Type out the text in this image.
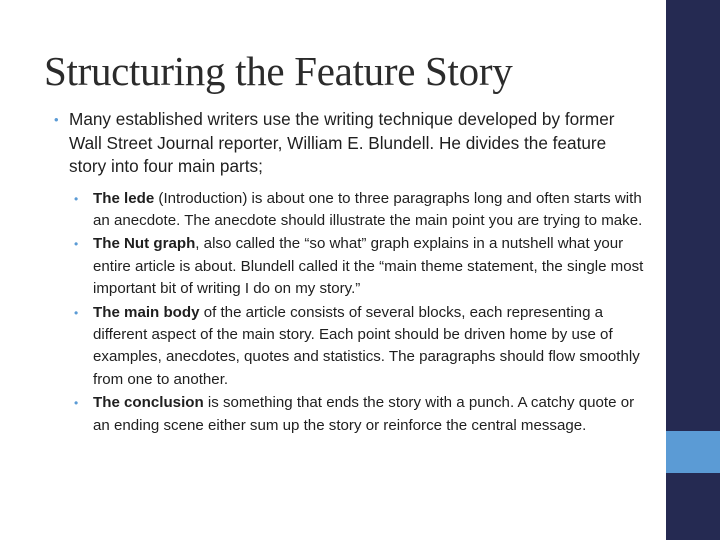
Structuring the Feature Story
• Many established writers use the writing technique developed by former Wall Street Journal reporter, William E. Blundell. He divides the feature story into four main parts;
• The lede (Introduction) is about one to three paragraphs long and often starts with an anecdote. The anecdote should illustrate the main point you are trying to make.
• The Nut graph, also called the “so what” graph explains in a nutshell what your entire article is about. Blundell called it the “main theme statement, the single most important bit of writing I do on my story.”
• The main body of the article consists of several blocks, each representing a different aspect of the main story. Each point should be driven home by use of examples, anecdotes, quotes and statistics. The paragraphs should flow smoothly from one to another.
• The conclusion is something that ends the story with a punch. A catchy quote or an ending scene either sum up the story or reinforce the central message.
